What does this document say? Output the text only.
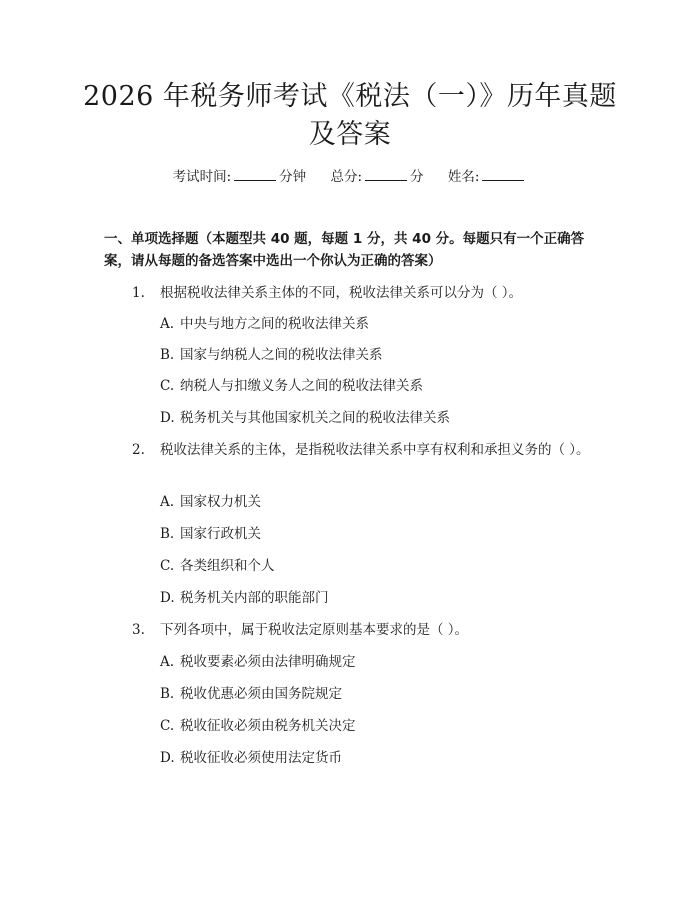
2026 年税务师考试《税法（一）》历年真题
及答案
考试时间:	分钟 总分:	分 姓名:

一、单项选择题（本题型共 40 题，每题 1 分，共 40 分。每题只有一个正确答案，请从每题的备选答案中选出一个你认为正确的答案）

1. 根据税收法律关系主体的不同，税收法律关系可以分为（ ）。

A. 中央与地方之间的税收法律关系

B. 国家与纳税人之间的税收法律关系

C. 纳税人与扣缴义务人之间的税收法律关系

D. 税务机关与其他国家机关之间的税收法律关系

2. 税收法律关系的主体，是指税收法律关系中享有权利和承担义务的（ ）。

A. 国家权力机关

B. 国家行政机关

C. 各类组织和个人

D. 税务机关内部的职能部门

3. 下列各项中，属于税收法定原则基本要求的是（ ）。

A. 税收要素必须由法律明确规定

B. 税收优惠必须由国务院规定

C. 税收征收必须由税务机关决定

D. 税收征收必须使用法定货币
